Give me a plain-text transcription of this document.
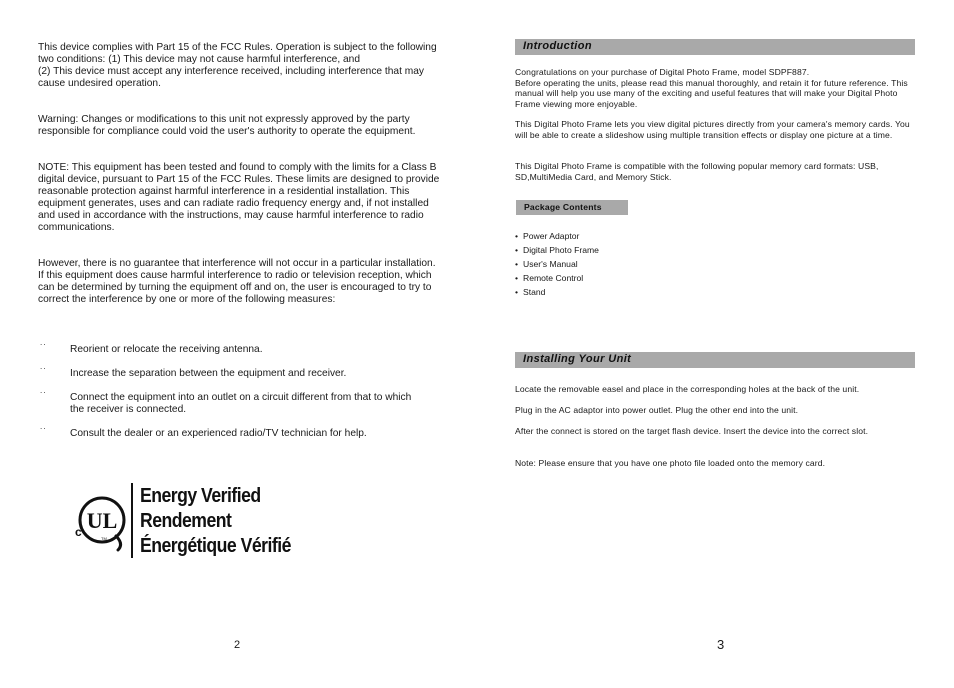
This device complies with Part 15 of the FCC Rules. Operation is subject to the following two conditions: (1) This device may not cause harmful interference, and
(2) This device must accept any interference received, including interference that may cause undesired operation.

Warning: Changes or modifications to this unit not expressly approved by the party responsible for compliance could void the user's authority to operate the equipment.

NOTE: This equipment has been tested and found to comply with the limits for a Class B digital device, pursuant to Part 15 of the FCC Rules. These limits are designed to provide reasonable protection against harmful interference in a residential installation. This equipment generates, uses and can radiate radio frequency energy and, if not installed and used in accordance with the instructions, may cause harmful interference to radio communications.

However, there is no guarantee that interference will not occur in a particular installation. If this equipment does cause harmful interference to radio or television reception, which can be determined by turning the equipment off and on, the user is encouraged to try to correct the interference by one or more of the following measures:

..
Reorient or relocate the receiving antenna.
..
Increase the separation between the equipment and receiver.
..
Connect the equipment into an outlet on a circuit different from that to which
the receiver is connected.
..
Consult the dealer or an experienced radio/TV technician for help.
UL
c	TM
Energy Verified
Rendement
Énergétique Vérifié
2
Introduction

Congratulations on your purchase of Digital Photo Frame, model SDPF887.
Before operating the units, please read this manual thoroughly, and retain it for future reference. This manual will help you use many of the exciting and useful features that will make your Digital Photo Frame viewing more enjoyable.

This Digital Photo Frame lets you view digital pictures directly from your camera's memory cards. You will be able to create a slideshow using multiple transition effects or display one picture at a time.

This Digital Photo Frame is compatible with the following popular memory card formats: USB, SD,MultiMedia Card, and Memory Stick.

Package Contents
• Power Adaptor
• Digital Photo Frame
• User's Manual
• Remote Control
• Stand
Installing Your Unit

Locate the removable easel and place in the corresponding holes at the back of the unit.

Plug in the AC adaptor into power outlet. Plug the other end into the unit.

After the connect is stored on the target flash device. Insert the device into the correct slot.

Note: Please ensure that you have one photo file loaded onto the memory card.

3
